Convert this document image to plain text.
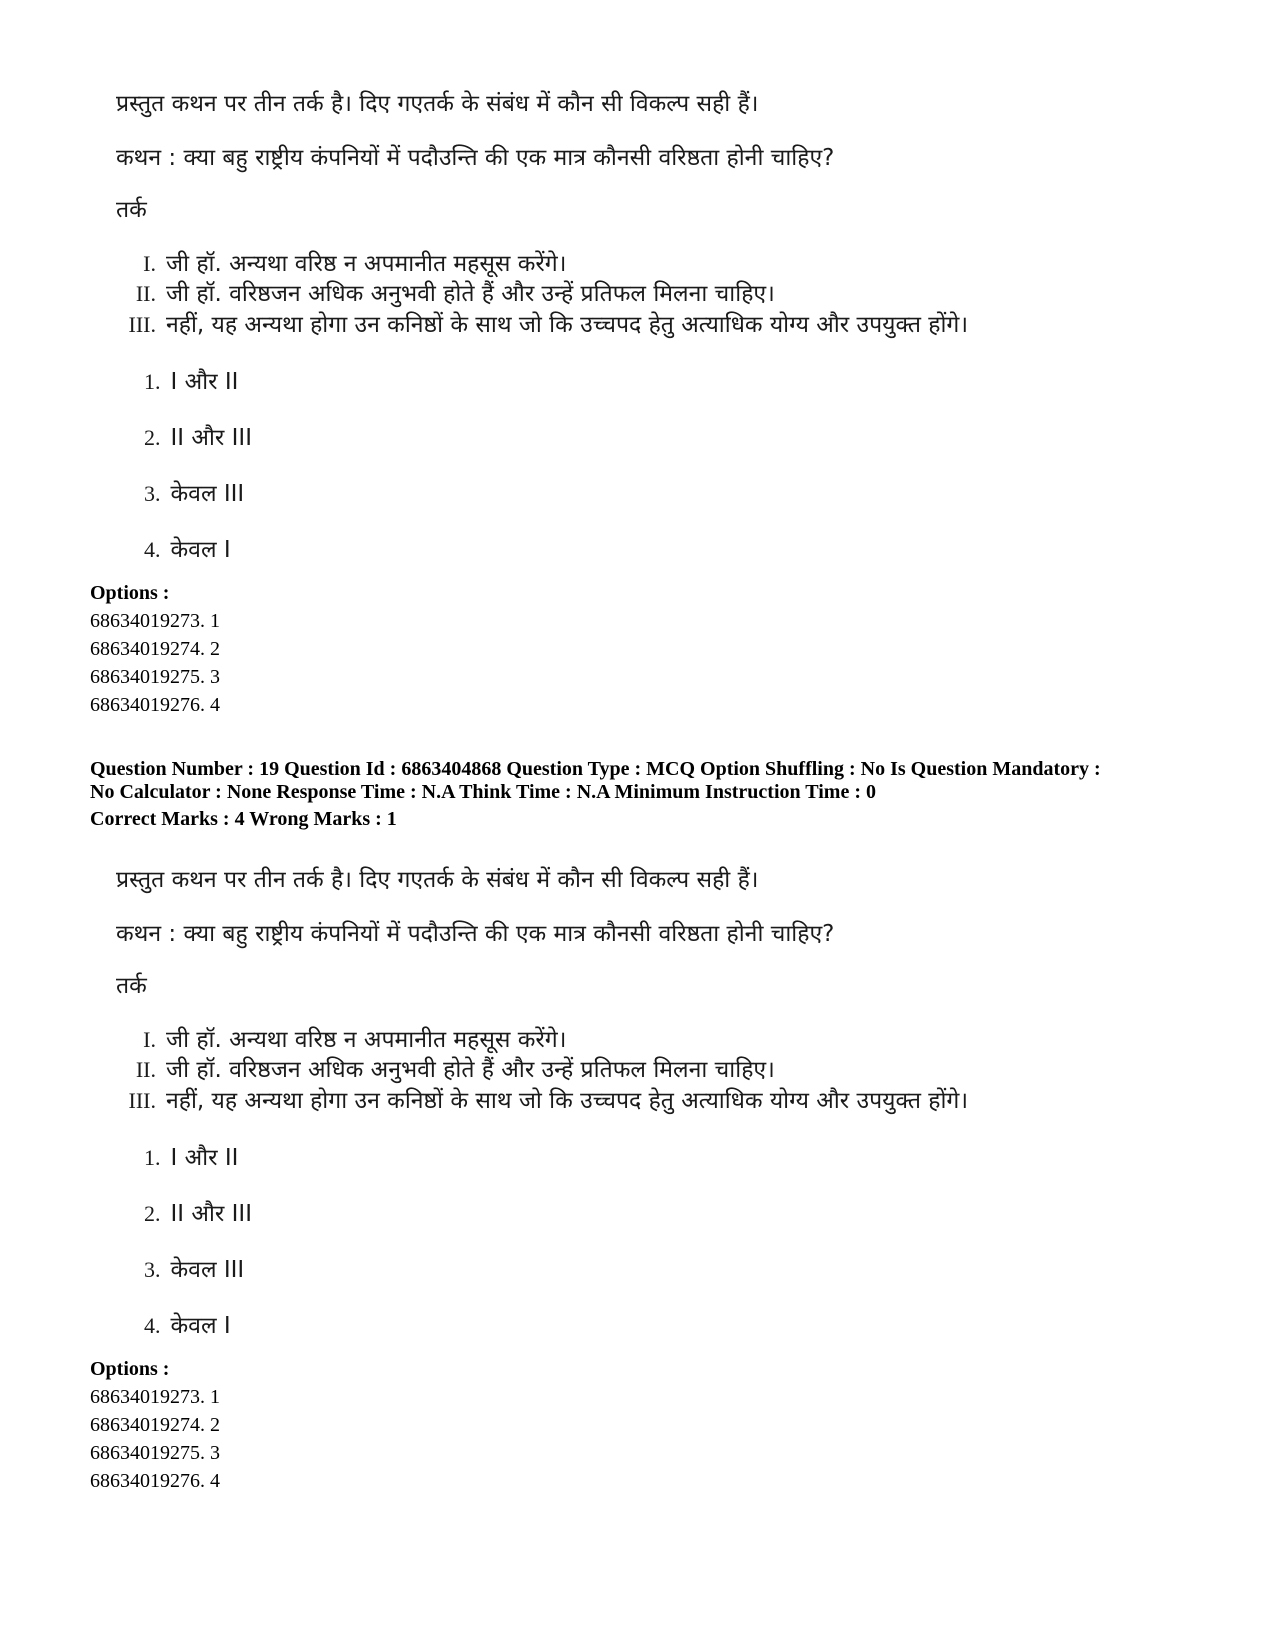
प्रस्तुत कथन पर तीन तर्क है। दिए गएतर्क के संबंध में कौन सी विकल्प सही हैं।
कथन : क्या बहु राष्ट्रीय कंपनियों में पदौउन्ति की एक मात्र कौनसी वरिष्ठता होनी चाहिए?
तर्क
I. जी हॉ. अन्यथा वरिष्ठ न अपमानीत महसूस करेंगे।
II. जी हॉ. वरिष्ठजन अधिक अनुभवी होते हैं और उन्हें प्रतिफल मिलना चाहिए।
III. नहीं, यह अन्यथा होगा उन कनिष्ठों के साथ जो कि उच्चपद हेतु अत्याधिक योग्य और उपयुक्त होंगे।
1. I और II
2. II और III
3. केवल III
4. केवल I
Options :
68634019273. 1
68634019274. 2
68634019275. 3
68634019276. 4
Question Number : 19 Question Id : 6863404868 Question Type : MCQ Option Shuffling : No Is Question Mandatory :
No Calculator : None Response Time : N.A Think Time : N.A Minimum Instruction Time : 0
Correct Marks : 4 Wrong Marks : 1
प्रस्तुत कथन पर तीन तर्क है। दिए गएतर्क के संबंध में कौन सी विकल्प सही हैं।
कथन : क्या बहु राष्ट्रीय कंपनियों में पदौउन्ति की एक मात्र कौनसी वरिष्ठता होनी चाहिए?
तर्क
I. जी हॉ. अन्यथा वरिष्ठ न अपमानीत महसूस करेंगे।
II. जी हॉ. वरिष्ठजन अधिक अनुभवी होते हैं और उन्हें प्रतिफल मिलना चाहिए।
III. नहीं, यह अन्यथा होगा उन कनिष्ठों के साथ जो कि उच्चपद हेतु अत्याधिक योग्य और उपयुक्त होंगे।
1. I और II
2. II और III
3. केवल III
4. केवल I
Options :
68634019273. 1
68634019274. 2
68634019275. 3
68634019276. 4
